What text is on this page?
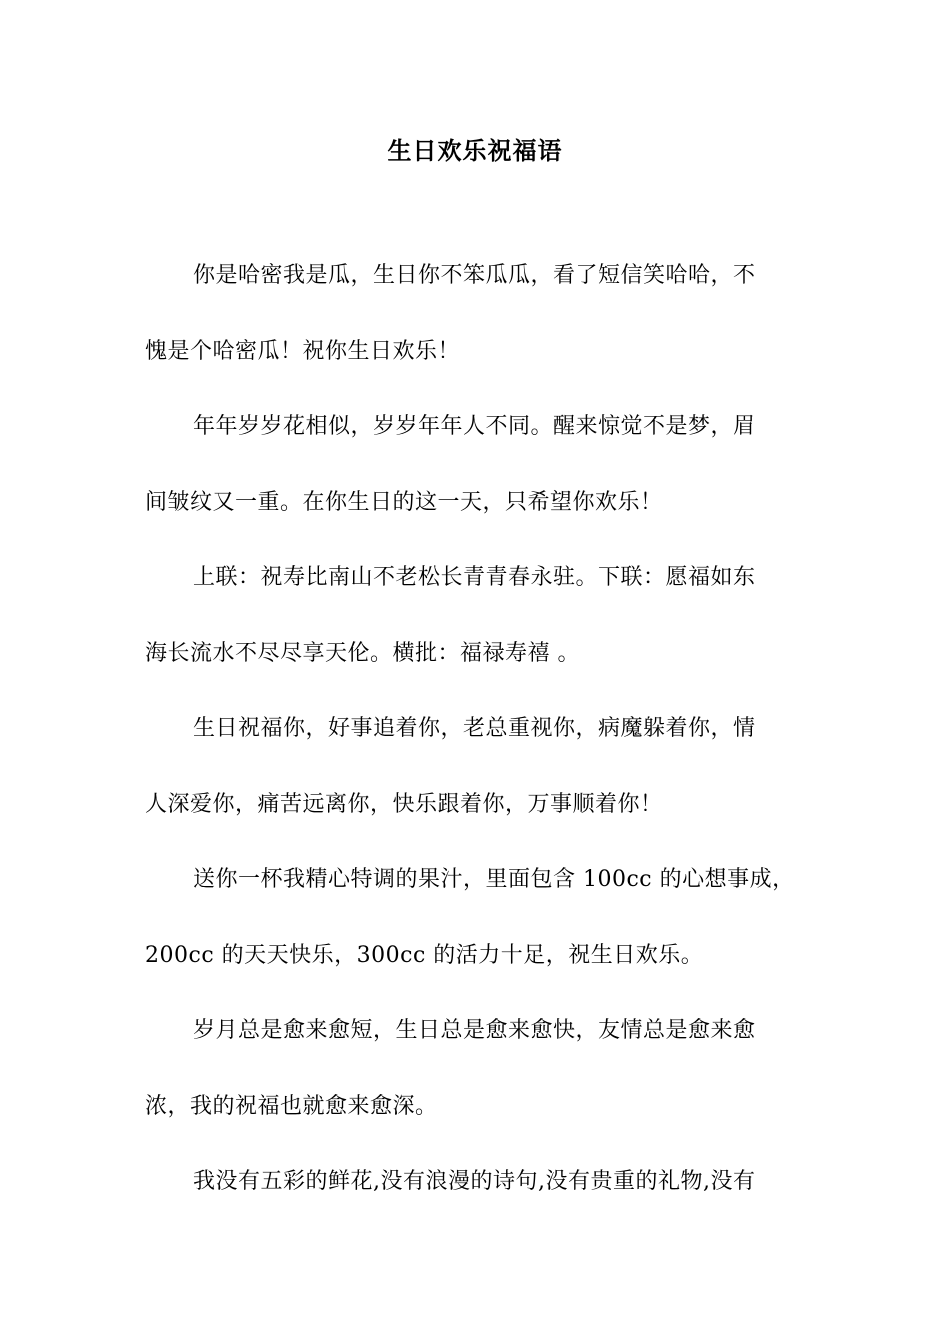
生日欢乐祝福语
你是哈密我是瓜，生日你不笨瓜瓜，看了短信笑哈哈，不
愧是个哈密瓜！祝你生日欢乐！
年年岁岁花相似，岁岁年年人不同。醒来惊觉不是梦，眉
间皱纹又一重。在你生日的这一天，只希望你欢乐！
上联：祝寿比南山不老松长青青春永驻。下联：愿福如东
海长流水不尽尽享天伦。横批：福禄寿禧 。
生日祝福你，好事追着你，老总重视你，病魔躲着你，情
人深爱你，痛苦远离你，快乐跟着你，万事顺着你！
送你一杯我精心特调的果汁，里面包含 100cc 的心想事成，
200cc 的天天快乐，300cc 的活力十足，祝生日欢乐。
岁月总是愈来愈短，生日总是愈来愈快，友情总是愈来愈
浓，我的祝福也就愈来愈深。
我没有五彩的鲜花,没有浪漫的诗句,没有贵重的礼物,没有
